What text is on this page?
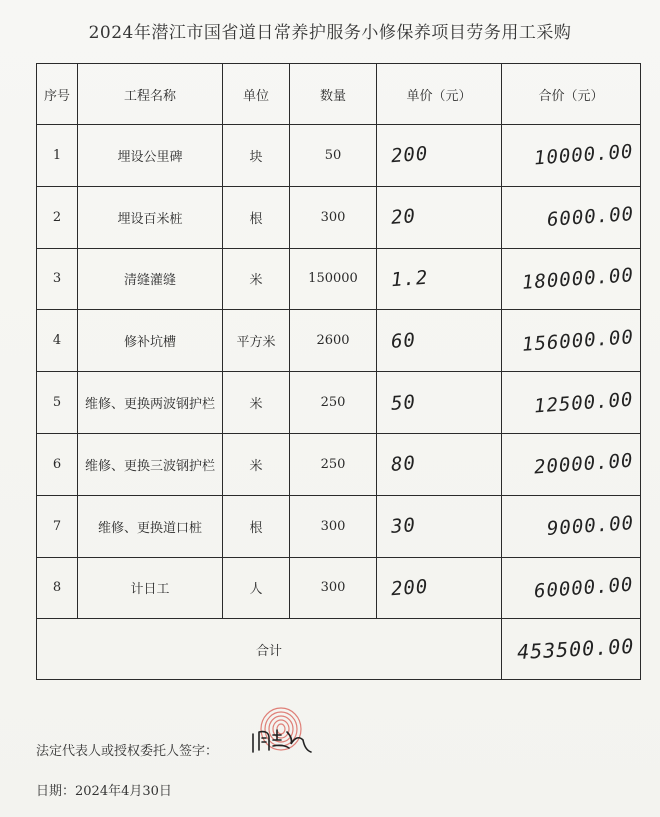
2024年潜江市国省道日常养护服务小修保养项目劳务用工采购
序号	工程名称	单位	数量	单价（元）	合价（元）
1	埋设公里碑	块	50	200	10000.00
2	埋设百米桩	根	300	20	6000.00
3	清缝灌缝	米	150000	1.2	180000.00
4	修补坑槽	平方米	2600	60	156000.00
5	维修、更换两波钢护栏	米	250	50	12500.00
6	维修、更换三波钢护栏	米	250	80	20000.00
7	维修、更换道口桩	根	300	30	9000.00
8	计日工	人	300	200	60000.00
合计					453500.00
法定代表人或授权委托人签字：
日期：2024年4月30日
